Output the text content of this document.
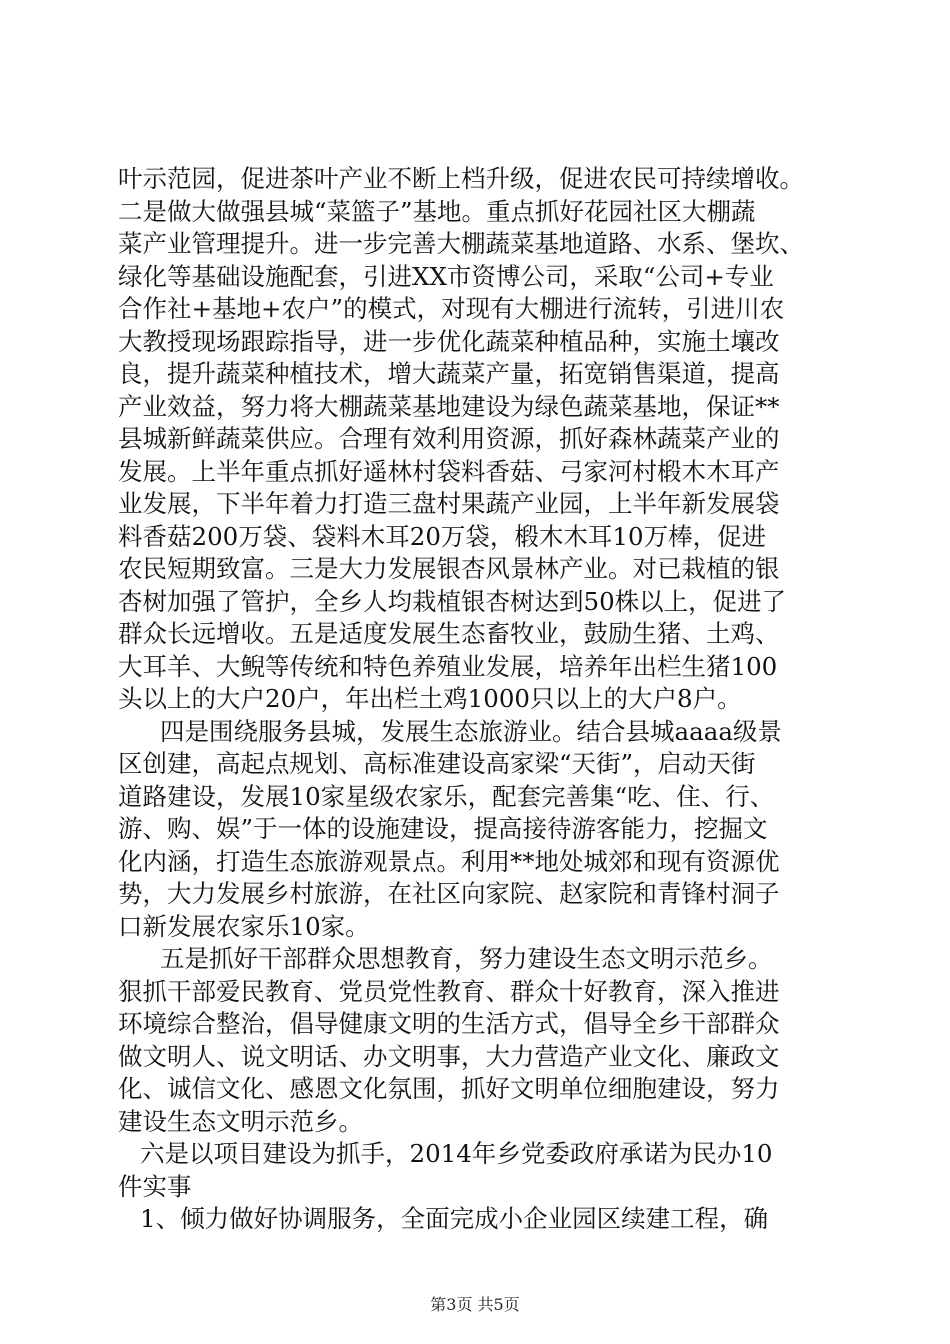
叶示范园，促进茶叶产业不断上档升级，促进农民可持续增收。
二是做大做强县城“菜篮子”基地。重点抓好花园社区大棚蔬
菜产业管理提升。进一步完善大棚蔬菜基地道路、水系、堡坎、
绿化等基础设施配套，引进XX市资博公司，采取“公司+专业
合作社+基地+农户”的模式，对现有大棚进行流转，引进川农
大教授现场跟踪指导，进一步优化蔬菜种植品种，实施土壤改
良，提升蔬菜种植技术，增大蔬菜产量，拓宽销售渠道，提高
产业效益，努力将大棚蔬菜基地建设为绿色蔬菜基地，保证**
县城新鲜蔬菜供应。合理有效利用资源，抓好森林蔬菜产业的
发展。上半年重点抓好遥林村袋料香菇、弓家河村椴木木耳产
业发展，下半年着力打造三盘村果蔬产业园，上半年新发展袋
料香菇200万袋、袋料木耳20万袋，椴木木耳10万棒，促进
农民短期致富。三是大力发展银杏风景林产业。对已栽植的银
杏树加强了管护，全乡人均栽植银杏树达到50株以上，促进了
群众长远增收。五是适度发展生态畜牧业，鼓励生猪、土鸡、
大耳羊、大鲵等传统和特色养殖业发展，培养年出栏生猪100
头以上的大户20户，年出栏土鸡1000只以上的大户8户。
四是围绕服务县城，发展生态旅游业。结合县城aaaa级景
区创建，高起点规划、高标准建设高家梁“天街”，启动天街
道路建设，发展10家星级农家乐，配套完善集“吃、住、行、
游、购、娱”于一体的设施建设，提高接待游客能力，挖掘文
化内涵，打造生态旅游观景点。利用**地处城郊和现有资源优
势，大力发展乡村旅游，在社区向家院、赵家院和青锋村洞子
口新发展农家乐10家。
五是抓好干部群众思想教育，努力建设生态文明示范乡。
狠抓干部爱民教育、党员党性教育、群众十好教育，深入推进
环境综合整治，倡导健康文明的生活方式，倡导全乡干部群众
做文明人、说文明话、办文明事，大力营造产业文化、廉政文
化、诚信文化、感恩文化氛围，抓好文明单位细胞建设，努力
建设生态文明示范乡。
六是以项目建设为抓手，2014年乡党委政府承诺为民办10
件实事
1、倾力做好协调服务，全面完成小企业园区续建工程，确
第3页 共5页
